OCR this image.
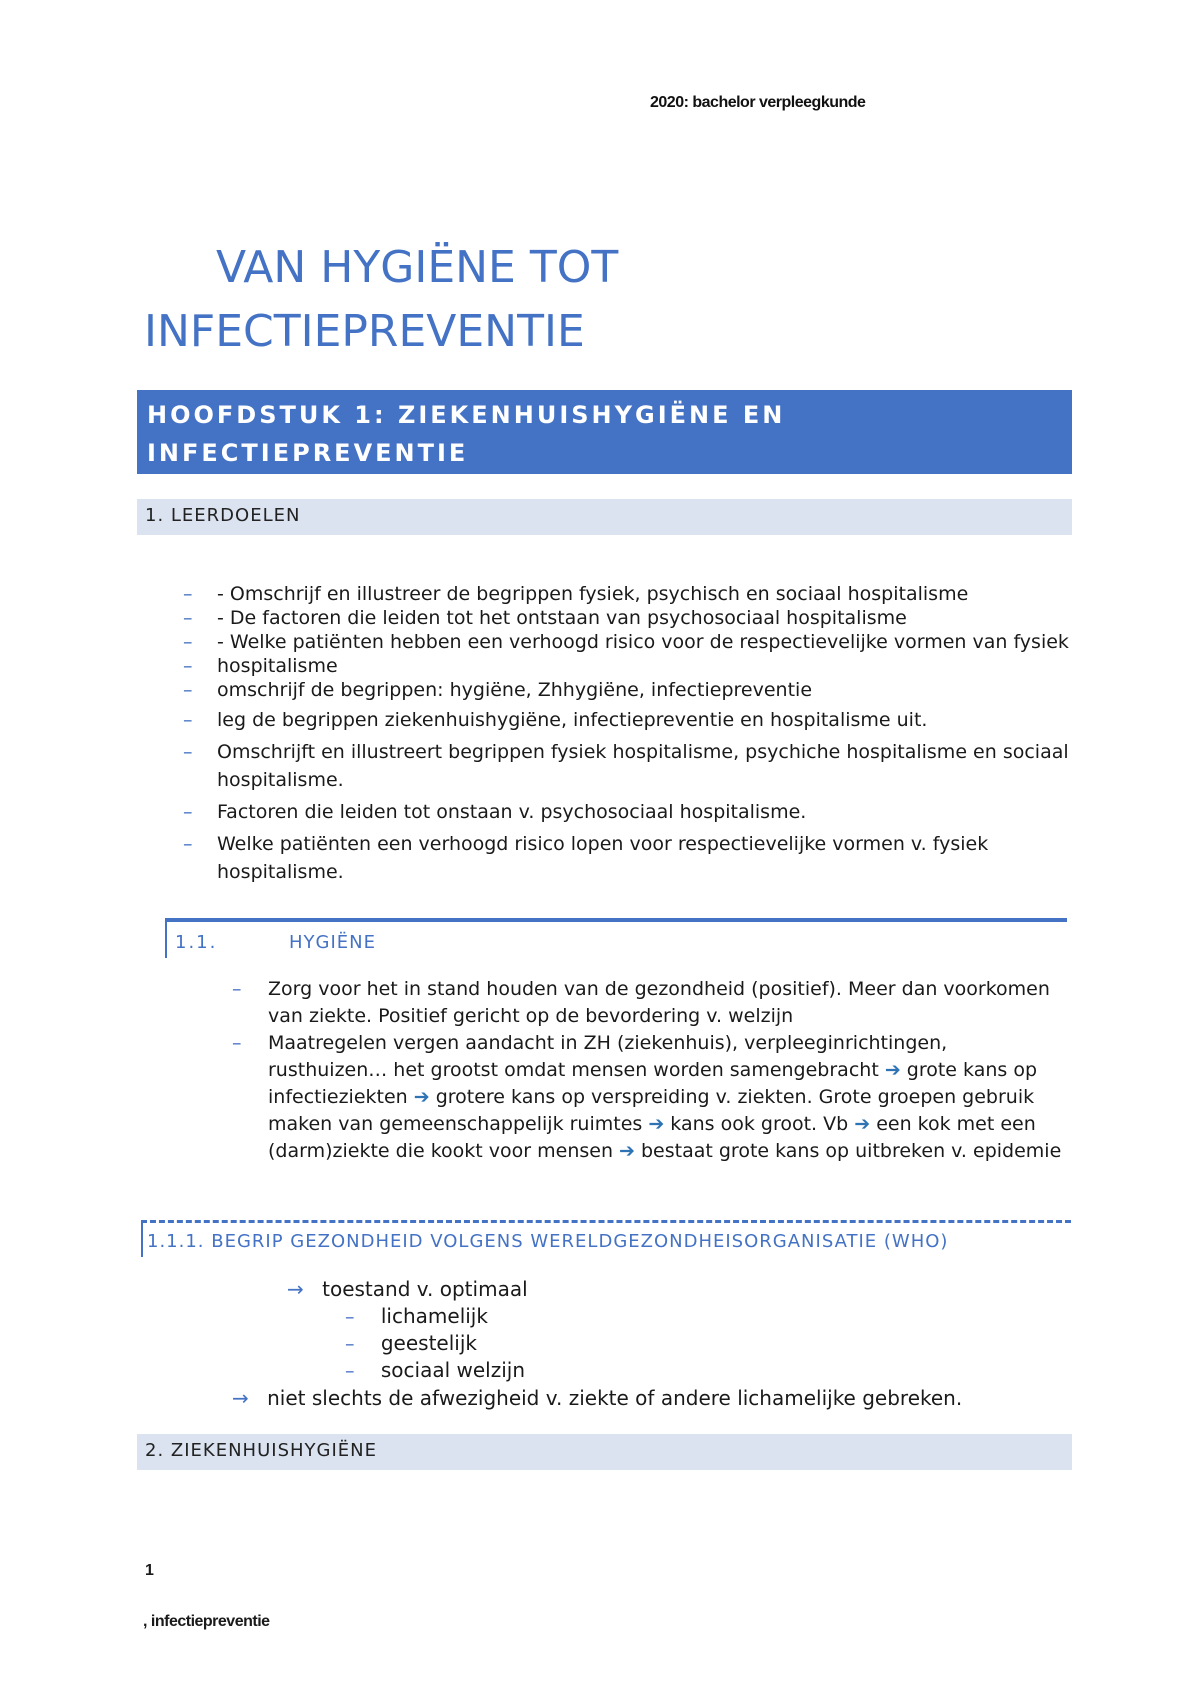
2020: bachelor verpleegkunde
VAN HYGIËNE TOT
INFECTIEPREVENTIE

HOOFDSTUK 1: ZIEKENHUISHYGIËNE EN INFECTIEPREVENTIE

1. LEERDOELEN
– - Omschrijf en illustreer de begrippen fysiek, psychisch en sociaal hospitalisme
– - De factoren die leiden tot het ontstaan van psychosociaal hospitalisme
– - Welke patiënten hebben een verhoogd risico voor de respectievelijke vormen van fysiek
– hospitalisme
– omschrijf de begrippen: hygiëne, Zhhygiëne, infectiepreventie
– leg de begrippen ziekenhuishygiëne, infectiepreventie en hospitalisme uit.
– Omschrijft en illustreert begrippen fysiek hospitalisme, psychiche hospitalisme en sociaal hospitalisme.
– Factoren die leiden tot onstaan v. psychosociaal hospitalisme.
– Welke patiënten een verhoogd risico lopen voor respectievelijke vormen v. fysiek hospitalisme.
1.1.	HYGIËNE
– Zorg voor het in stand houden van de gezondheid (positief). Meer dan voorkomen van ziekte. Positief gericht op de bevordering v. welzijn
– Maatregelen vergen aandacht in ZH (ziekenhuis), verpleeginrichtingen, rusthuizen… het grootst omdat mensen worden samengebracht ➔ grote kans op infectieziekten ➔ grotere kans op verspreiding v. ziekten. Grote groepen gebruik maken van gemeenschappelijk ruimtes ➔ kans ook groot. Vb ➔ een kok met een (darm)ziekte die kookt voor mensen ➔ bestaat grote kans op uitbreken v. epidemie
1.1.1. BEGRIP GEZONDHEID VOLGENS WERELDGEZONDHEISORGANISATIE (WHO)
→ toestand v. optimaal
– lichamelijk
– geestelijk
– sociaal welzijn
→ niet slechts de afwezigheid v. ziekte of andere lichamelijke gebreken.
2. ZIEKENHUISHYGIËNE
1
, infectiepreventie
